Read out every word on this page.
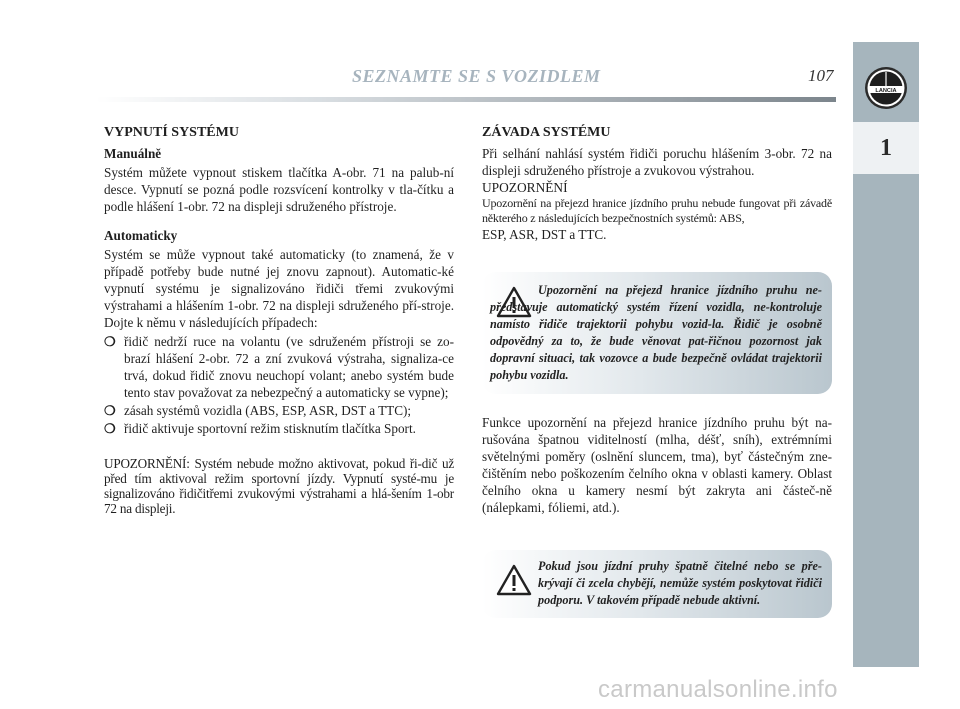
SEZNAMTE SE S VOZIDLEM	107
LANCIA
1
VYPNUTÍ SYSTÉMU
Manuálně

Systém můžete vypnout stiskem tlačítka A-obr. 71 na palub-ní desce. Vypnutí se pozná podle rozsvícení kontrolky v tla-čítku a podle hlášení 1-obr. 72 na displeji sdruženého přístroje.

Automaticky

Systém se může vypnout také automaticky (to znamená, že v případě potřeby bude nutné jej znovu zapnout). Automatic-ké vypnutí systému je signalizováno řidiči třemi zvukovými výstrahami a hlášením 1-obr. 72 na displeji sdruženého pří-stroje. Dojte k němu v následujících případech:

❍ řidič nedrží ruce na volantu (ve sdruženém přístroji se zo-brazí hlášení 2-obr. 72 a zní zvuková výstraha, signaliza-ce trvá, dokud řidič znovu neuchopí volant; anebo systém bude tento stav považovat za nebezpečný a automaticky se vypne);
❍ zásah systémů vozidla (ABS, ESP, ASR, DST a TTC);
❍ řidič aktivuje sportovní režim stisknutím tlačítka Sport.

UPOZORNĚNÍ: Systém nebude možno aktivovat, pokud ři-dič už před tím aktivoval režim sportovní jízdy. Vypnutí systé-mu je signalizováno řidičitřemi zvukovými výstrahami a hlá-šením 1-obr 72 na displeji.

ZÁVADA SYSTÉMU

Při selhání nahlásí systém řidiči poruchu hlášením 3-obr. 72 na displeji sdruženého přístroje a zvukovou výstrahou.

UPOZORNĚNÍ

Upozornění na přejezd hranice jízdního pruhu nebude fungovat při závadě některého z následujících bezpečnostních systémů: ABS,

ESP, ASR, DST a TTC.

Upozornění na přejezd hranice jízdního pruhu ne-představuje automatický systém řízení vozidla, ne-kontroluje namísto řidiče trajektorii pohybu vozid-la. Řidič je osobně odpovědný za to, že bude věnovat pat-řičnou pozornost jak dopravní situaci, tak vozovce a bude bezpečně ovládat trajektorii pohybu vozidla.
Funkce upozornění na přejezd hranice jízdního pruhu být na-rušována špatnou viditelností (mlha, déšť, sníh), extrémními světelnými poměry (oslnění sluncem, tma), byť částečným zne-čištěním nebo poškozením čelního okna v oblasti kamery. Oblast čelního okna u kamery nesmí být zakryta ani částeč-ně (nálepkami, fóliemi, atd.).
Pokud jsou jízdní pruhy špatně čitelné nebo se pře-krývají či zcela chybějí, nemůže systém poskytovat řidiči podporu. V takovém případě nebude aktivní.
carmanualsonline.info
